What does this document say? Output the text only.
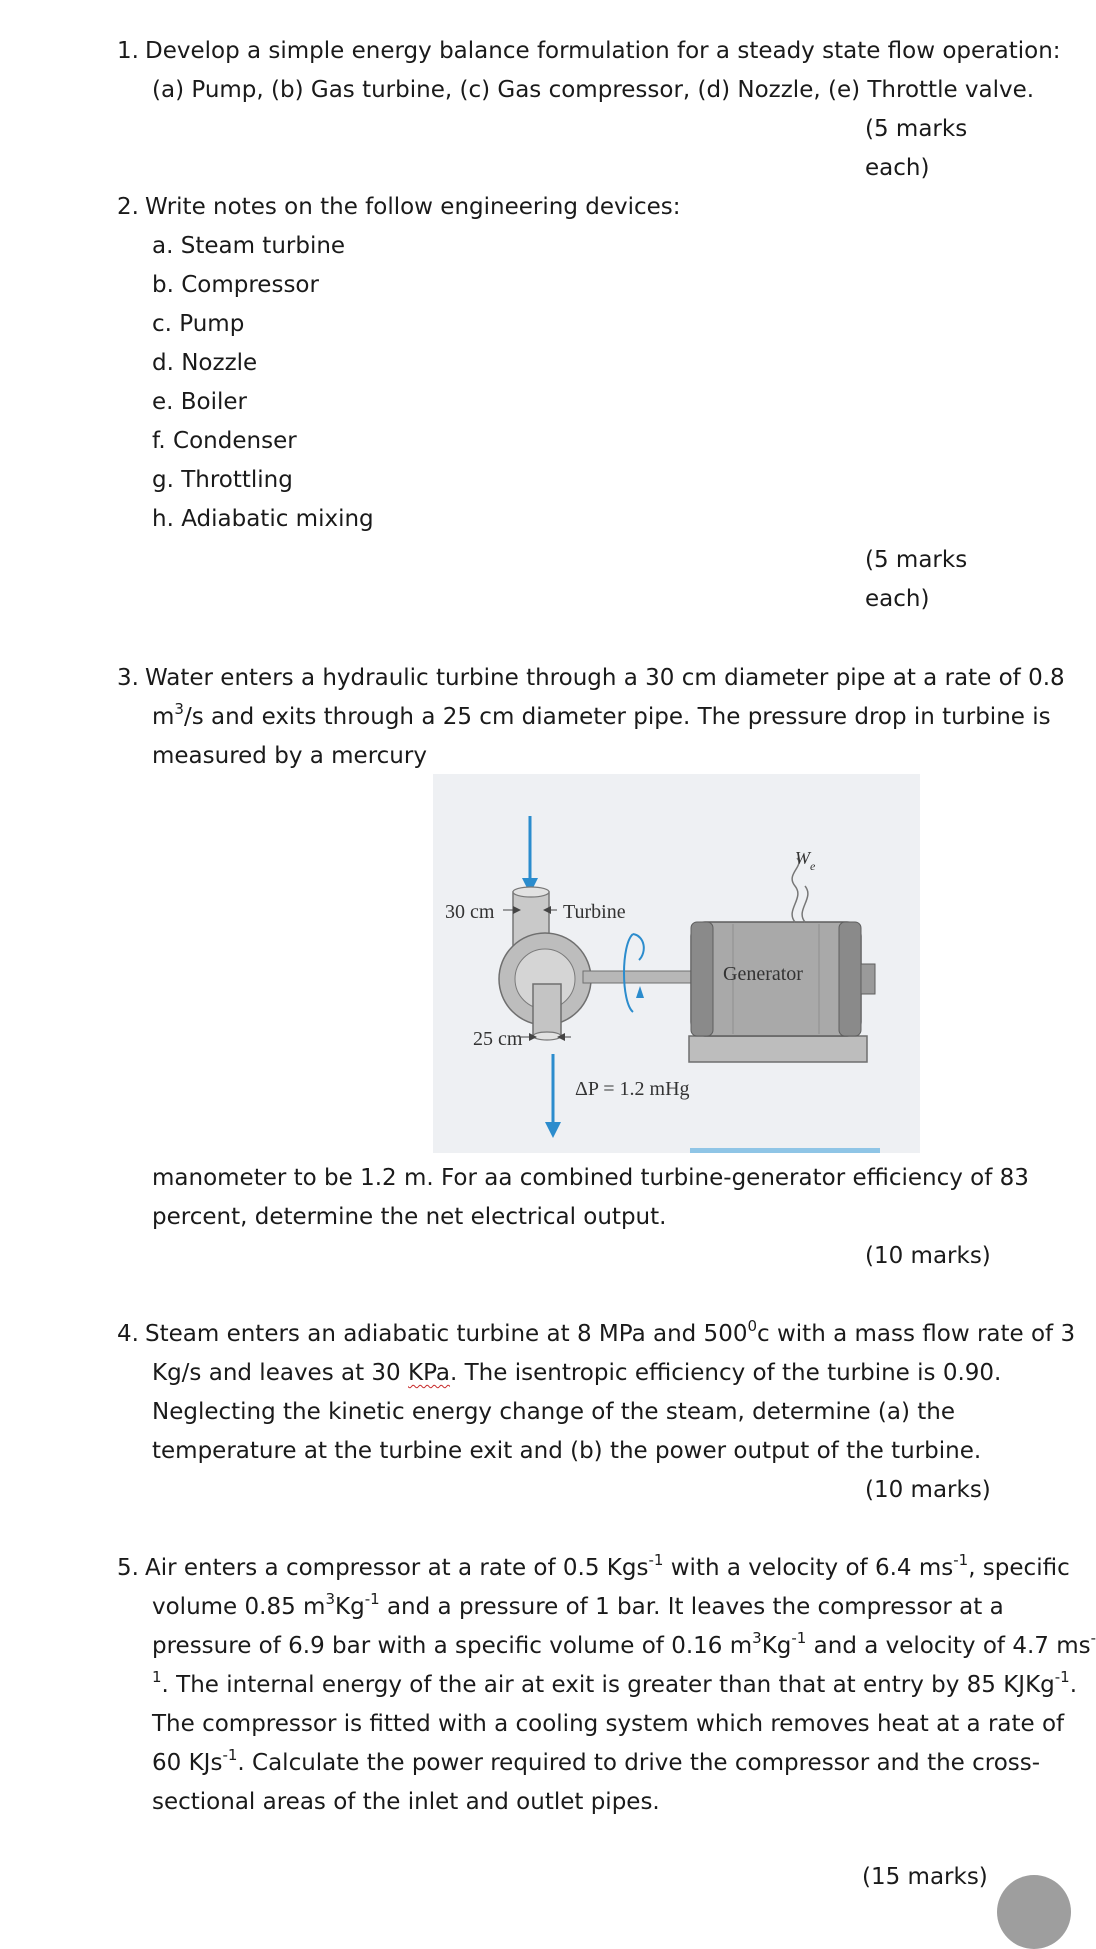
1. Develop a simple energy balance formulation for a steady state flow operation:
(a) Pump, (b) Gas turbine, (c) Gas compressor, (d) Nozzle, (e) Throttle valve.
(5 marks
each)
2. Write notes on the follow engineering devices:
a. Steam turbine
b. Compressor
c. Pump
d. Nozzle
e. Boiler
f. Condenser
g. Throttling
h. Adiabatic mixing
(5 marks
each)
3. Water enters a hydraulic turbine through a 30 cm diameter pipe at a rate of 0.8
$m^3/s$ and exits through a 25 cm diameter pipe. The pressure drop in turbine is
measured by a mercury
30 cm	Turbine
25 cm
ΔP = 1.2 mHg
Generator
W e
manometer to be 1.2 m. For aa combined turbine-generator efficiency of 83
percent, determine the net electrical output.
(10 marks)
4. Steam enters an adiabatic turbine at 8 MPa and $500^0c$ with a mass flow rate of 3
Kg/s and leaves at 30 KPa. The isentropic efficiency of the turbine is 0.90.
Neglecting the kinetic energy change of the steam, determine (a) the
temperature at the turbine exit and (b) the power output of the turbine.
(10 marks)
5. Air enters a compressor at a rate of 0.5 Kgs$^{-1}$ with a velocity of 6.4 $ms^{-1}$, specific
volume 0.85 $m^3Kg^{-1}$ and a pressure of 1 bar. It leaves the compressor at a
pressure of 6.9 bar with a specific volume of 0.16 $m^3Kg^{-1}$ and a velocity of 4.7 ms-
$^1$. The internal energy of the air at exit is greater than that at entry by 85 KJKg$^{-1}$.
The compressor is fitted with a cooling system which removes heat at a rate of
60 KJs$^{-1}$. Calculate the power required to drive the compressor and the cross-
sectional areas of the inlet and outlet pipes.
(15 marks)
